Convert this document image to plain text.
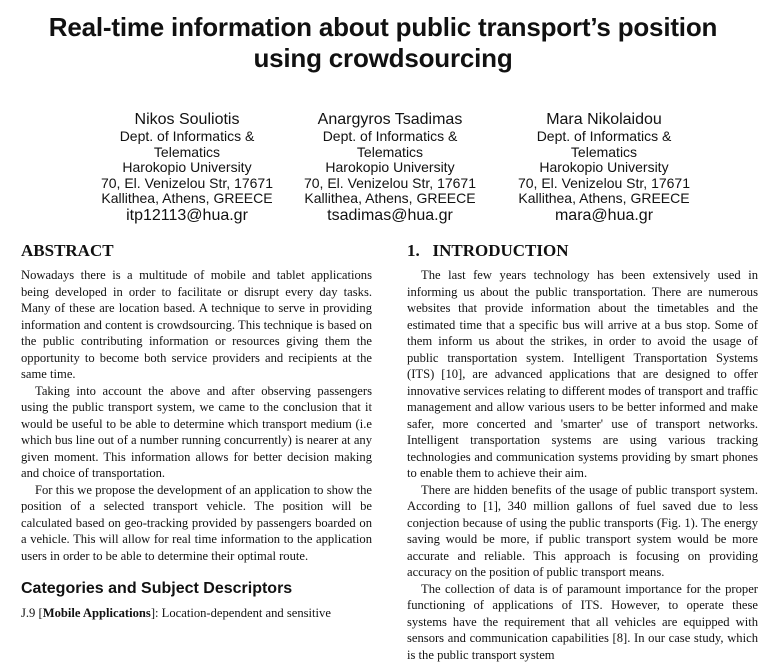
Real-time information about public transport’s position
using crowdsourcing
Nikos Souliotis
Dept. of Informatics &
Telematics
Harokopio University
70, El. Venizelou Str, 17671
Kallithea, Athens, GREECE
itp12113@hua.gr
Anargyros Tsadimas
Dept. of Informatics &
Telematics
Harokopio University
70, El. Venizelou Str, 17671
Kallithea, Athens, GREECE
tsadimas@hua.gr
Mara Nikolaidou
Dept. of Informatics &
Telematics
Harokopio University
70, El. Venizelou Str, 17671
Kallithea, Athens, GREECE
mara@hua.gr
ABSTRACT

Nowadays there is a multitude of mobile and tablet applications being developed in order to facilitate or disrupt every day tasks. Many of these are location based. A technique to serve in providing information and content is crowdsourcing. This technique is based on the public contributing information or resources giving them the opportunity to become both service providers and recipients at the same time.

Taking into account the above and after observing passengers using the public transport system, we came to the conclusion that it would be useful to be able to determine which transport medium (i.e which bus line out of a number running concurrently) is nearer at any given moment. This information allows for better decision making and choice of transportation.

For this we propose the development of an application to show the position of a selected transport vehicle. The position will be calculated based on geo-tracking provided by passengers boarded on a vehicle. This will allow for real time information to the application users in order to be able to determine their optimal route.

Categories and Subject Descriptors

J.9 [Mobile Applications]: Location-dependent and sensitive

1.   INTRODUCTION

The last few years technology has been extensively used in informing us about the public transportation. There are numerous websites that provide information about the timetables and the estimated time that a specific bus will arrive at a bus stop. Some of them inform us about the strikes, in order to avoid the usage of public transportation system. Intelligent Transportation Systems (ITS) [10], are advanced applications that are designed to offer innovative services relating to different modes of transport and traffic management and allow various users to be better informed and make safer, more concerted and 'smarter' use of transport networks. Intelligent transportation systems are using various tracking technologies and communication systems providing by smart phones to enable them to achieve their aim.

There are hidden benefits of the usage of public transport system. According to [1], 340 million gallons of fuel saved due to less conjection because of using the public transports (Fig. 1). The energy saving would be more, if public transport system would be more accurate and reliable. This approach is focusing on providing accuracy on the position of public transport means.

The collection of data is of paramount importance for the proper functioning of applications of ITS. However, to operate these systems have the requirement that all vehicles are equipped with sensors and communication capabilities [8]. In our case study, which is the public transport system
